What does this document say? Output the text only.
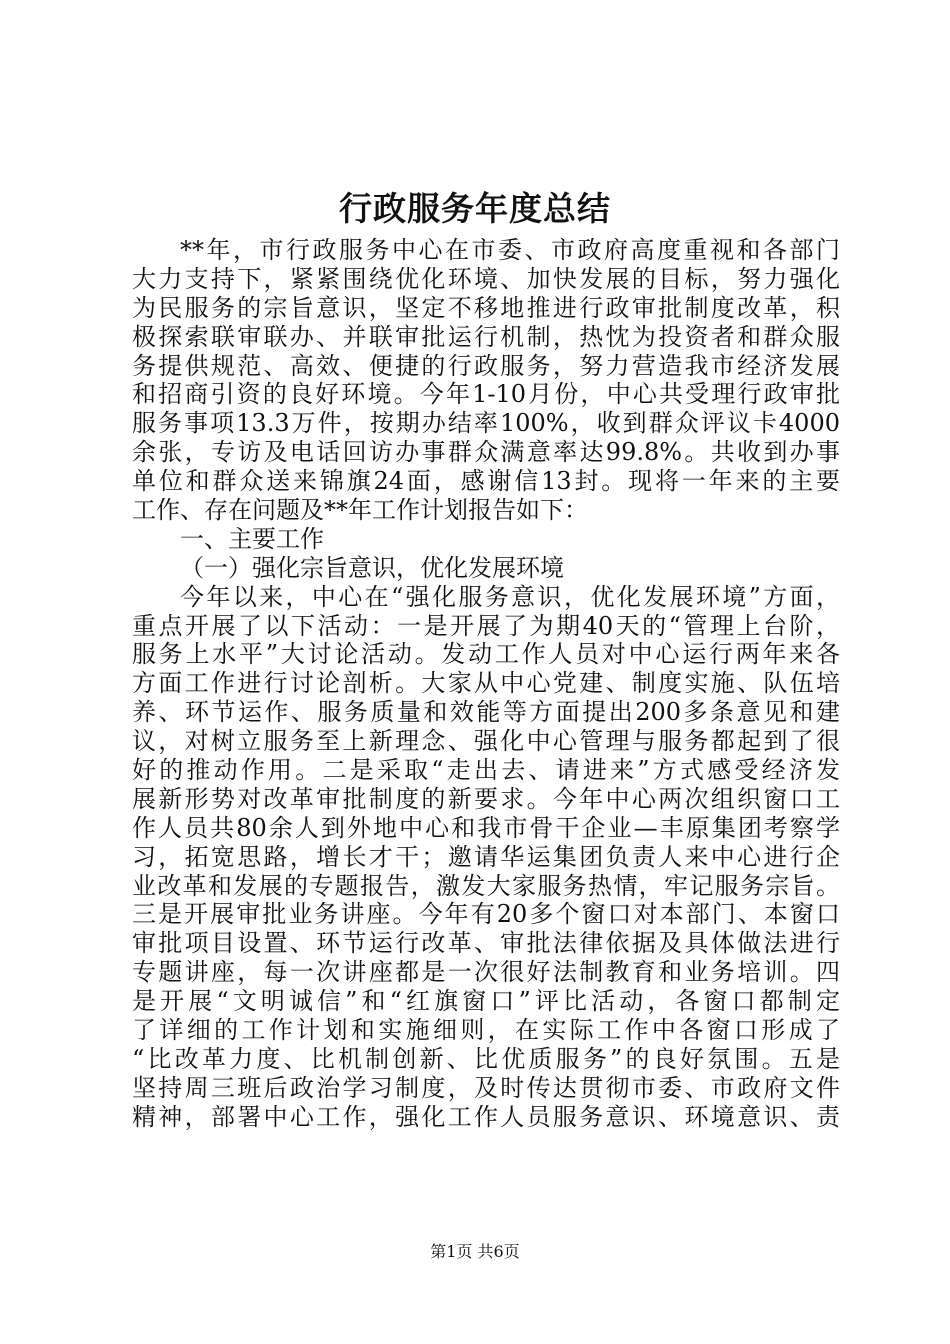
行政服务年度总结
**年，市行政服务中心在市委、市政府高度重视和各部门
大力支持下，紧紧围绕优化环境、加快发展的目标，努力强化
为民服务的宗旨意识，坚定不移地推进行政审批制度改革，积
极探索联审联办、并联审批运行机制，热忱为投资者和群众服
务提供规范、高效、便捷的行政服务，努力营造我市经济发展
和招商引资的良好环境。今年1-10月份，中心共受理行政审批
服务事项13.3万件，按期办结率100%，收到群众评议卡4000
余张，专访及电话回访办事群众满意率达99.8%。共收到办事
单位和群众送来锦旗24面，感谢信13封。现将一年来的主要
工作、存在问题及**年工作计划报告如下：
一、主要工作
（一）强化宗旨意识，优化发展环境
今年以来，中心在“强化服务意识，优化发展环境”方面，
重点开展了以下活动：一是开展了为期40天的“管理上台阶，
服务上水平”大讨论活动。发动工作人员对中心运行两年来各
方面工作进行讨论剖析。大家从中心党建、制度实施、队伍培
养、环节运作、服务质量和效能等方面提出200多条意见和建
议，对树立服务至上新理念、强化中心管理与服务都起到了很
好的推动作用。二是采取“走出去、请进来”方式感受经济发
展新形势对改革审批制度的新要求。今年中心两次组织窗口工
作人员共80余人到外地中心和我市骨干企业—丰原集团考察学
习，拓宽思路，增长才干；邀请华运集团负责人来中心进行企
业改革和发展的专题报告，激发大家服务热情，牢记服务宗旨。
三是开展审批业务讲座。今年有20多个窗口对本部门、本窗口
审批项目设置、环节运行改革、审批法律依据及具体做法进行
专题讲座，每一次讲座都是一次很好法制教育和业务培训。四
是开展“文明诚信”和“红旗窗口”评比活动，各窗口都制定
了详细的工作计划和实施细则，在实际工作中各窗口形成了
“比改革力度、比机制创新、比优质服务”的良好氛围。五是
坚持周三班后政治学习制度，及时传达贯彻市委、市政府文件
精神，部署中心工作，强化工作人员服务意识、环境意识、责
第1页 共6页
